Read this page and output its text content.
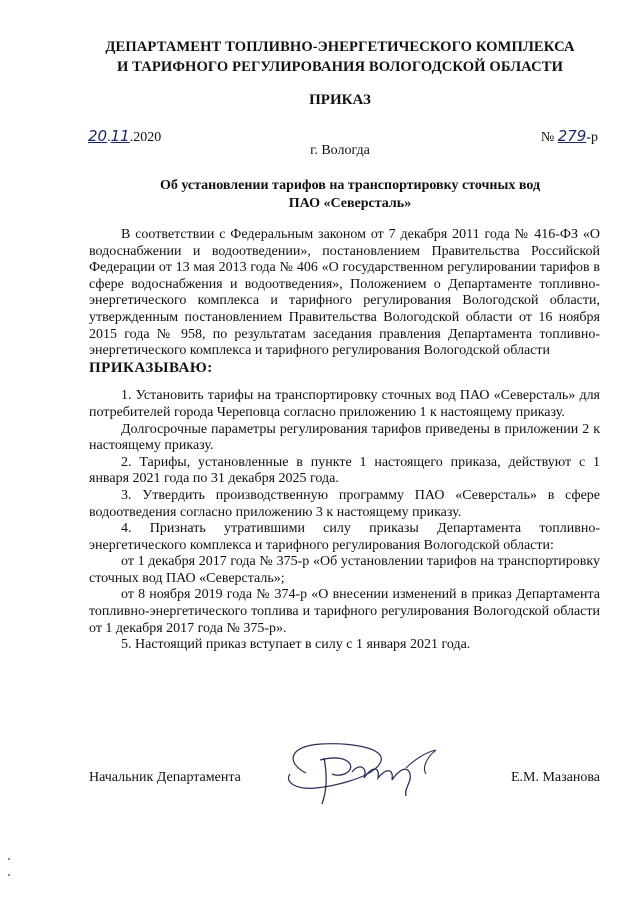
ДЕПАРТАМЕНТ ТОПЛИВНО-ЭНЕРГЕТИЧЕСКОГО КОМПЛЕКСА
И ТАРИФНОГО РЕГУЛИРОВАНИЯ ВОЛОГОДСКОЙ ОБЛАСТИ
ПРИКАЗ
20.11.2020	№ 279-р
г. Вологда
Об установлении тарифов на транспортировку сточных вод
ПАО «Северсталь»

В соответствии с Федеральным законом от 7 декабря 2011 года № 416-ФЗ «О водоснабжении и водоотведении», постановлением Правительства Российской Федерации от 13 мая 2013 года № 406 «О государственном регулировании тарифов в сфере водоснабжения и водоотведения», Положением о Департаменте топливно-энергетического комплекса и тарифного регулирования Вологодской области, утвержденным постановлением Правительства Вологодской области от 16 ноября 2015 года № 958, по результатам заседания правления Департамента топливно-энергетического комплекса и тарифного регулирования Вологодской области

ПРИКАЗЫВАЮ:

1. Установить тарифы на транспортировку сточных вод ПАО «Северсталь» для потребителей города Череповца согласно приложению 1 к настоящему приказу.

Долгосрочные параметры регулирования тарифов приведены в приложении 2 к настоящему приказу.

2. Тарифы, установленные в пункте 1 настоящего приказа, действуют с 1 января 2021 года по 31 декабря 2025 года.

3. Утвердить производственную программу ПАО «Северсталь» в сфере водоотведения согласно приложению 3 к настоящему приказу.

4. Признать утратившими силу приказы Департамента топливно-энергетического комплекса и тарифного регулирования Вологодской области:

от 1 декабря 2017 года № 375-р «Об установлении тарифов на транспортировку сточных вод ПАО «Северсталь»;

от 8 ноября 2019 года № 374-р «О внесении изменений в приказ Департамента топливно-энергетического топлива и тарифного регулирования Вологодской области от 1 декабря 2017 года № 375-р».

5. Настоящий приказ вступает в силу с 1 января 2021 года.

Начальник Департамента	Е.М. Мазанова
